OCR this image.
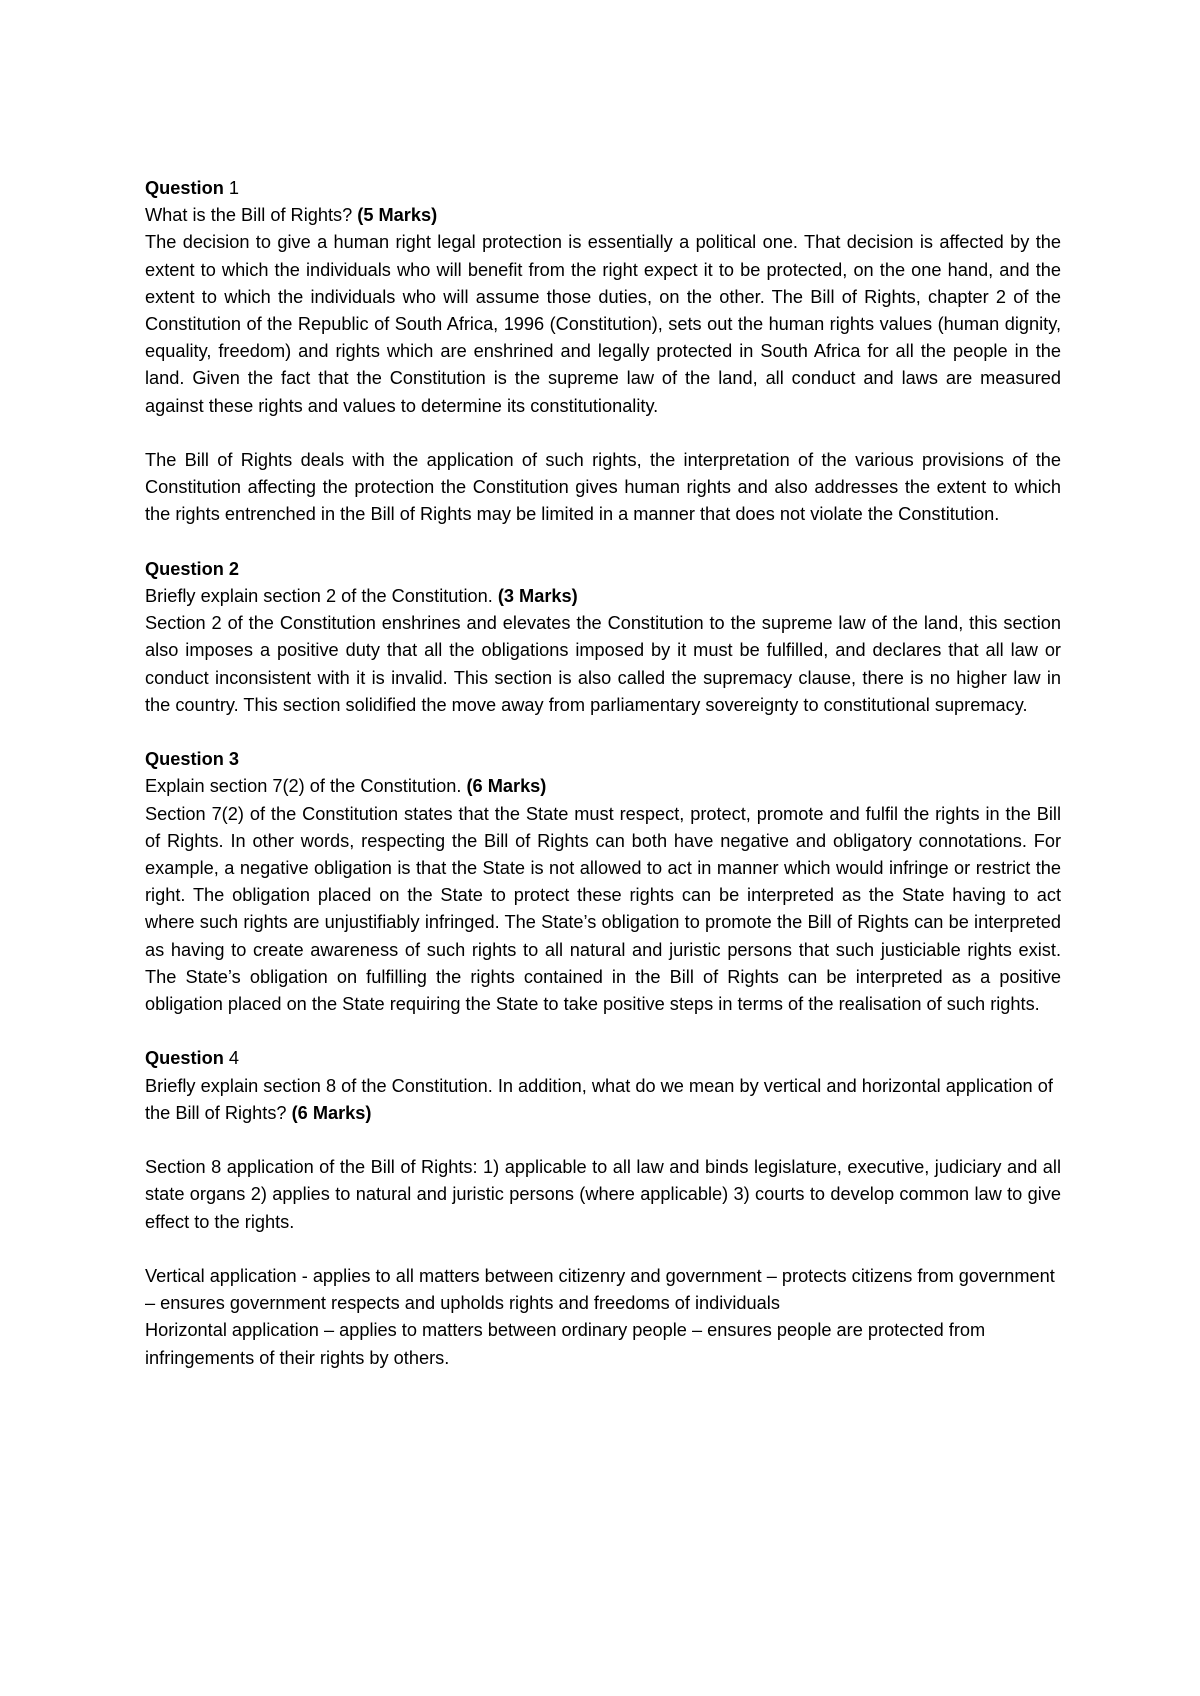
Question 1

What is the Bill of Rights? (5 Marks)

The decision to give a human right legal protection is essentially a political one. That decision is affected by the extent to which the individuals who will benefit from the right expect it to be protected, on the one hand, and the extent to which the individuals who will assume those duties, on the other. The Bill of Rights, chapter 2 of the Constitution of the Republic of South Africa, 1996 (Constitution), sets out the human rights values (human dignity, equality, freedom) and rights which are enshrined and legally protected in South Africa for all the people in the land. Given the fact that the Constitution is the supreme law of the land, all conduct and laws are measured against these rights and values to determine its constitutionality.

The Bill of Rights deals with the application of such rights, the interpretation of the various provisions of the Constitution affecting the protection the Constitution gives human rights and also addresses the extent to which the rights entrenched in the Bill of Rights may be limited in a manner that does not violate the Constitution.

Question 2

Briefly explain section 2 of the Constitution. (3 Marks)

Section 2 of the Constitution enshrines and elevates the Constitution to the supreme law of the land, this section also imposes a positive duty that all the obligations imposed by it must be fulfilled, and declares that all law or conduct inconsistent with it is invalid. This section is also called the supremacy clause, there is no higher law in the country. This section solidified the move away from parliamentary sovereignty to constitutional supremacy.

Question 3

Explain section 7(2) of the Constitution. (6 Marks)

Section 7(2) of the Constitution states that the State must respect, protect, promote and fulfil the rights in the Bill of Rights. In other words, respecting the Bill of Rights can both have negative and obligatory connotations. For example, a negative obligation is that the State is not allowed to act in manner which would infringe or restrict the right. The obligation placed on the State to protect these rights can be interpreted as the State having to act where such rights are unjustifiably infringed. The State’s obligation to promote the Bill of Rights can be interpreted as having to create awareness of such rights to all natural and juristic persons that such justiciable rights exist. The State’s obligation on fulfilling the rights contained in the Bill of Rights can be interpreted as a positive obligation placed on the State requiring the State to take positive steps in terms of the realisation of such rights.

Question 4

Briefly explain section 8 of the Constitution. In addition, what do we mean by vertical and horizontal application of the Bill of Rights? (6 Marks)

Section 8 application of the Bill of Rights: 1) applicable to all law and binds legislature, executive, judiciary and all state organs 2) applies to natural and juristic persons (where applicable) 3) courts to develop common law to give effect to the rights.

Vertical application - applies to all matters between citizenry and government – protects citizens from government – ensures government respects and upholds rights and freedoms of individuals

Horizontal application – applies to matters between ordinary people – ensures people are protected from infringements of their rights by others.
